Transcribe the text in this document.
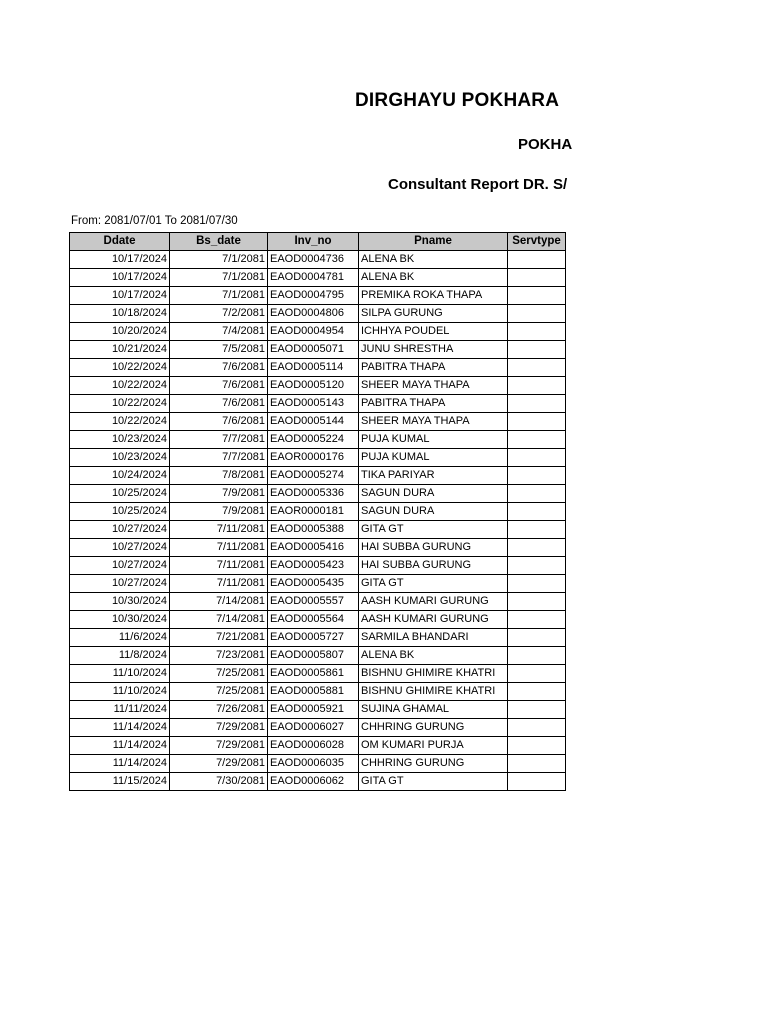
DIRGHAYU POKHARA
POKHA
Consultant Report DR. S/
From: 2081/07/01 To 2081/07/30
Ddate	Bs_date	Inv_no	Pname	Servtype
10/17/2024	7/1/2081	EAOD0004736	ALENA BK	
10/17/2024	7/1/2081	EAOD0004781	ALENA BK	
10/17/2024	7/1/2081	EAOD0004795	PREMIKA ROKA THAPA	
10/18/2024	7/2/2081	EAOD0004806	SILPA GURUNG	
10/20/2024	7/4/2081	EAOD0004954	ICHHYA POUDEL	
10/21/2024	7/5/2081	EAOD0005071	JUNU SHRESTHA	
10/22/2024	7/6/2081	EAOD0005114	PABITRA THAPA	
10/22/2024	7/6/2081	EAOD0005120	SHEER MAYA THAPA	
10/22/2024	7/6/2081	EAOD0005143	PABITRA THAPA	
10/22/2024	7/6/2081	EAOD0005144	SHEER MAYA THAPA	
10/23/2024	7/7/2081	EAOD0005224	PUJA KUMAL	
10/23/2024	7/7/2081	EAOR0000176	PUJA KUMAL	
10/24/2024	7/8/2081	EAOD0005274	TIKA PARIYAR	
10/25/2024	7/9/2081	EAOD0005336	SAGUN DURA	
10/25/2024	7/9/2081	EAOR0000181	SAGUN DURA	
10/27/2024	7/11/2081	EAOD0005388	GITA GT	
10/27/2024	7/11/2081	EAOD0005416	HAI SUBBA GURUNG	
10/27/2024	7/11/2081	EAOD0005423	HAI SUBBA GURUNG	
10/27/2024	7/11/2081	EAOD0005435	GITA GT	
10/30/2024	7/14/2081	EAOD0005557	AASH KUMARI GURUNG	
10/30/2024	7/14/2081	EAOD0005564	AASH KUMARI GURUNG	
11/6/2024	7/21/2081	EAOD0005727	SARMILA BHANDARI	
11/8/2024	7/23/2081	EAOD0005807	ALENA BK	
11/10/2024	7/25/2081	EAOD0005861	BISHNU GHIMIRE KHATRI	
11/10/2024	7/25/2081	EAOD0005881	BISHNU GHIMIRE KHATRI	
11/11/2024	7/26/2081	EAOD0005921	SUJINA GHAMAL	
11/14/2024	7/29/2081	EAOD0006027	CHHRING GURUNG	
11/14/2024	7/29/2081	EAOD0006028	OM KUMARI PURJA	
11/14/2024	7/29/2081	EAOD0006035	CHHRING GURUNG	
11/15/2024	7/30/2081	EAOD0006062	GITA GT	
